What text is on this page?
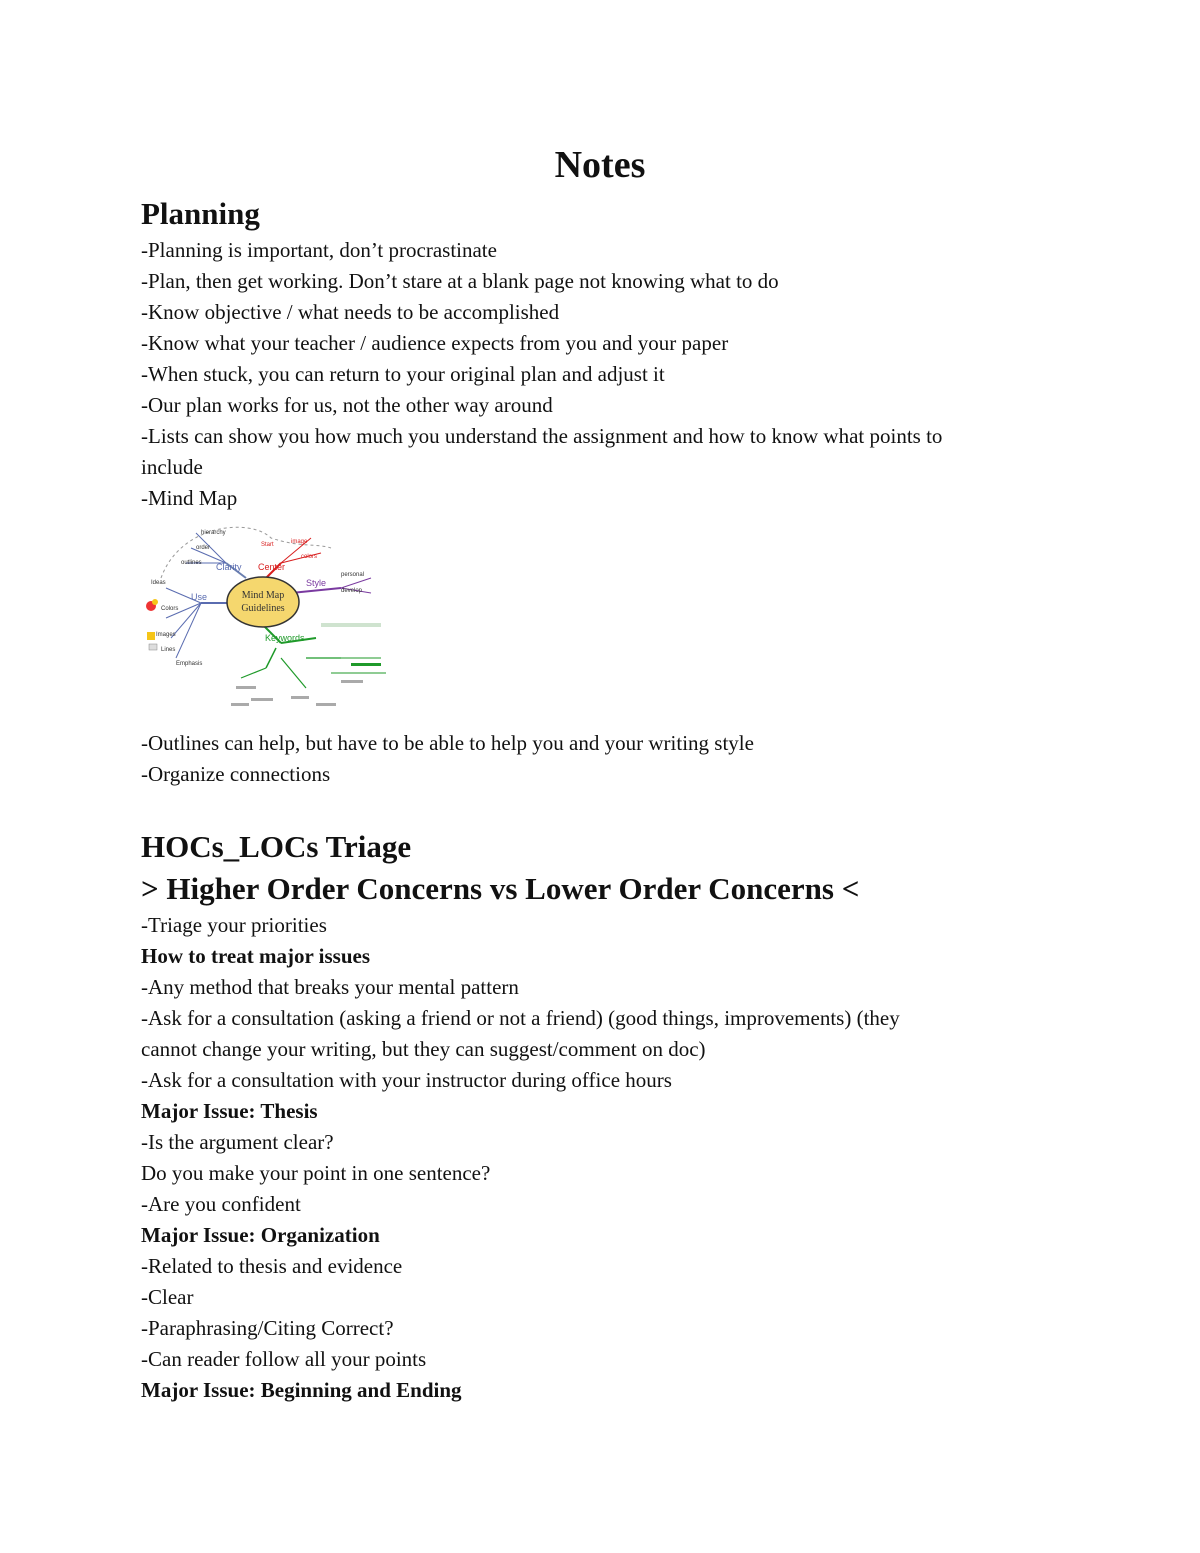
Notes

Planning

-Planning is important, don’t procrastinate

-Plan, then get working. Don’t stare at a blank page not knowing what to do

-Know objective / what needs to be accomplished

-Know what your teacher / audience expects from you and your paper

-When stuck, you can return to your original plan and adjust it

-Our plan works for us, not the other way around

-Lists can show you how much you understand the assignment and how to know what points to

include

-Mind Map

Mind Map
Guidelines
Clarity Center
Style
Use
Keywords
hierarchy
order
outlines
Start	image
colors
personal
develop
Ideas
Colors
Images
Lines
Emphasis

-Outlines can help, but have to be able to help you and your writing style

-Organize connections

HOCs_LOCs Triage

> Higher Order Concerns vs Lower Order Concerns <

-Triage your priorities

How to treat major issues

-Any method that breaks your mental pattern

-Ask for a consultation (asking a friend or not a friend) (good things, improvements) (they

cannot change your writing, but they can suggest/comment on doc)

-Ask for a consultation with your instructor during office hours

Major Issue: Thesis

-Is the argument clear?

Do you make your point in one sentence?

-Are you confident

Major Issue: Organization

-Related to thesis and evidence

-Clear

-Paraphrasing/Citing Correct?

-Can reader follow all your points

Major Issue: Beginning and Ending
